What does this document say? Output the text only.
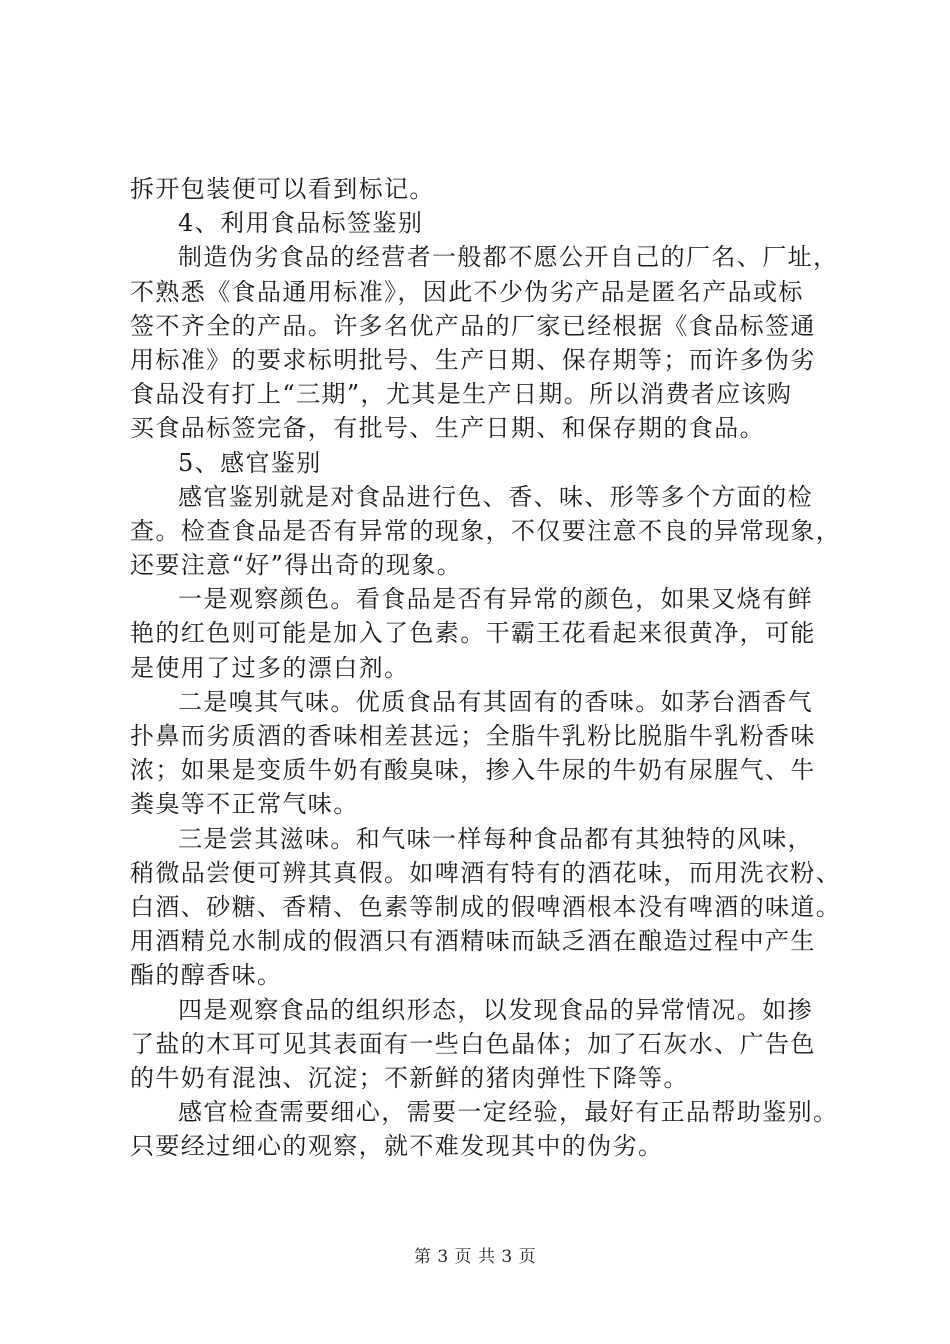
拆开包装便可以看到标记。
4、利用食品标签鉴别
制造伪劣食品的经营者一般都不愿公开自己的厂名、厂址，
不熟悉《食品通用标准》，因此不少伪劣产品是匿名产品或标
签不齐全的产品。许多名优产品的厂家已经根据《食品标签通
用标准》的要求标明批号、生产日期、保存期等；而许多伪劣
食品没有打上“三期”，尤其是生产日期。所以消费者应该购
买食品标签完备，有批号、生产日期、和保存期的食品。
5、感官鉴别
感官鉴别就是对食品进行色、香、味、形等多个方面的检
查。检查食品是否有异常的现象，不仅要注意不良的异常现象，
还要注意“好”得出奇的现象。
一是观察颜色。看食品是否有异常的颜色，如果叉烧有鲜
艳的红色则可能是加入了色素。干霸王花看起来很黄净，可能
是使用了过多的漂白剂。
二是嗅其气味。优质食品有其固有的香味。如茅台酒香气
扑鼻而劣质酒的香味相差甚远；全脂牛乳粉比脱脂牛乳粉香味
浓；如果是变质牛奶有酸臭味，掺入牛尿的牛奶有尿腥气、牛
粪臭等不正常气味。
三是尝其滋味。和气味一样每种食品都有其独特的风味，
稍微品尝便可辨其真假。如啤酒有特有的酒花味，而用洗衣粉、
白酒、砂糖、香精、色素等制成的假啤酒根本没有啤酒的味道。
用酒精兑水制成的假酒只有酒精味而缺乏酒在酿造过程中产生
酯的醇香味。
四是观察食品的组织形态，以发现食品的异常情况。如掺
了盐的木耳可见其表面有一些白色晶体；加了石灰水、广告色
的牛奶有混浊、沉淀；不新鲜的猪肉弹性下降等。
感官检查需要细心，需要一定经验，最好有正品帮助鉴别。
只要经过细心的观察，就不难发现其中的伪劣。
第 3 页 共 3 页
